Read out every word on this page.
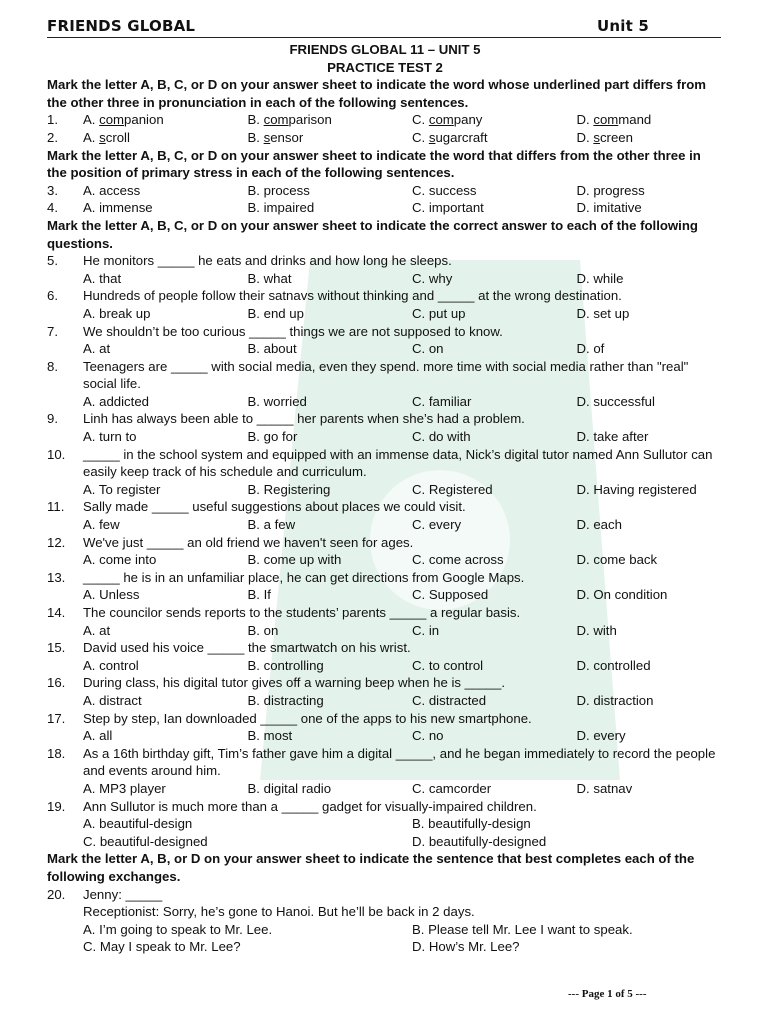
FRIENDS GLOBAL	Unit 5
FRIENDS GLOBAL 11 – UNIT 5
PRACTICE TEST 2
Mark the letter A, B, C, or D on your answer sheet to indicate the word whose underlined part differs from the other three in pronunciation in each of the following sentences.
1.	A. companion	B. comparison	C. company	D. command
2.	A. scroll	B. sensor	C. sugarcraft	D. screen
Mark the letter A, B, C, or D on your answer sheet to indicate the word that differs from the other three in the position of primary stress in each of the following sentences.
3.	A. access	B. process	C. success	D. progress
4.	A. immense	B. impaired	C. important	D. imitative
Mark the letter A, B, C, or D on your answer sheet to indicate the correct answer to each of the following questions.
5.	He monitors _____ he eats and drinks and how long he sleeps.
A. that	B. what	C. why	D. while
6.	Hundreds of people follow their satnavs without thinking and _____ at the wrong destination.
A. break up	B. end up	C. put up	D. set up
7.	We shouldn’t be too curious _____ things we are not supposed to know.
A. at	B. about	C. on	D. of
8.	Teenagers are _____ with social media, even they spend. more time with social media rather than "real" social life.
A. addicted	B. worried	C. familiar	D. successful
9.	Linh has always been able to _____ her parents when she’s had a problem.
A. turn to	B. go for	C. do with	D. take after
10.	_____ in the school system and equipped with an immense data, Nick’s digital tutor named Ann Sullutor can easily keep track of his schedule and curriculum.
A. To register	B. Registering	C. Registered	D. Having registered
11.	Sally made _____ useful suggestions about places we could visit.
A. few	B. a few	C. every	D. each
12.	We've just _____ an old friend we haven't seen for ages.
A. come into	B. come up with	C. come across	D. come back
13.	_____ he is in an unfamiliar place, he can get directions from Google Maps.
A. Unless	B. If	C. Supposed	D. On condition
14.	The councilor sends reports to the students’ parents _____ a regular basis.
A. at	B. on	C. in	D. with
15.	David used his voice _____ the smartwatch on his wrist.
A. control	B. controlling	C. to control	D. controlled
16.	During class, his digital tutor gives off a warning beep when he is _____.
A. distract	B. distracting	C. distracted	D. distraction
17.	Step by step, Ian downloaded _____ one of the apps to his new smartphone.
A. all	B. most	C. no	D. every
18.	As a 16th birthday gift, Tim’s father gave him a digital _____, and he began immediately to record the people and events around him.
A. MP3 player	B. digital radio	C. camcorder	D. satnav
19.	Ann Sullutor is much more than a _____ gadget for visually-impaired children.
A. beautiful-design	B. beautifully-design
C. beautiful-designed	D. beautifully-designed
Mark the letter A, B, or D on your answer sheet to indicate the sentence that best completes each of the following exchanges.
20.	Jenny: _____
Receptionist: Sorry, he’s gone to Hanoi. But he’ll be back in 2 days.
A. I’m going to speak to Mr. Lee.	B. Please tell Mr. Lee I want to speak.
C. May I speak to Mr. Lee?	D. How’s Mr. Lee?
--- Page 1 of 5 ---
